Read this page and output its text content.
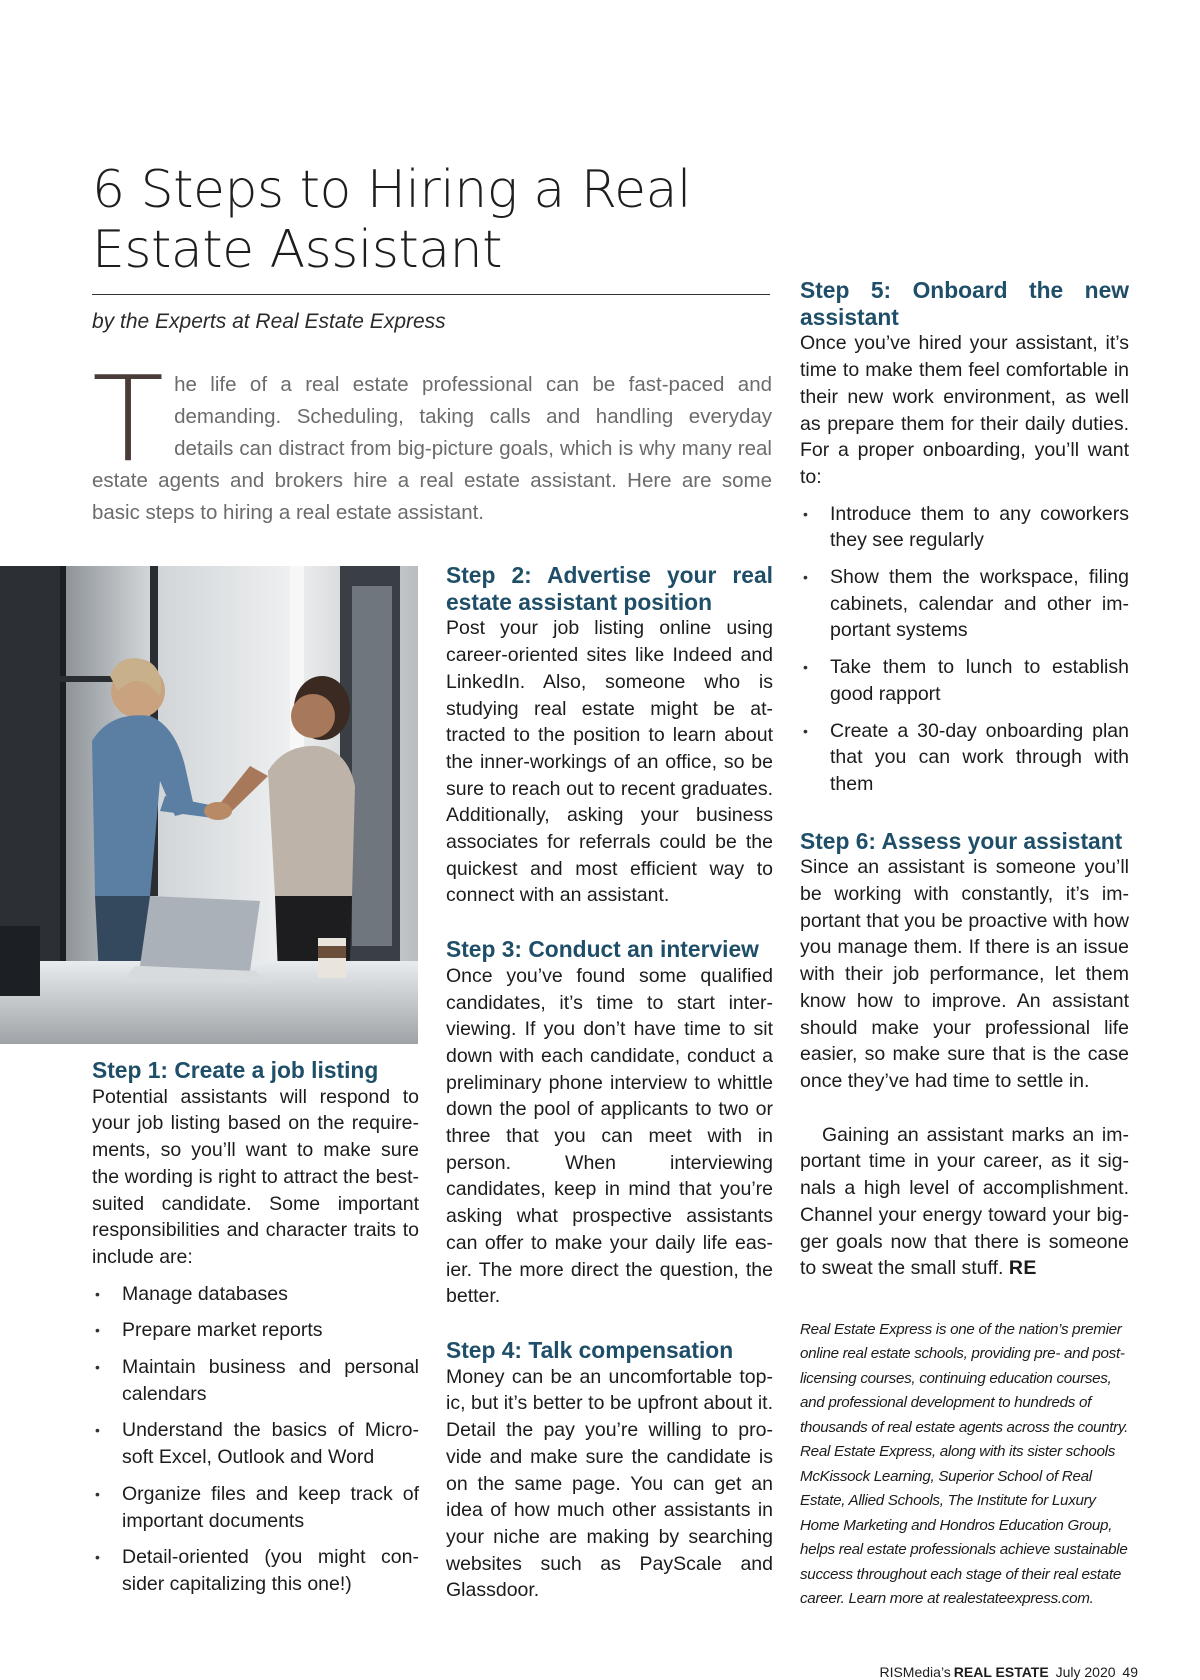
6 Steps to Hiring a Real
Estate Assistant
by the Experts at Real Estate Express

The life of a real estate professional can be fast-paced and demanding. Scheduling, taking calls and handling everyday details can distract from big-picture goals, which is why many real estate agents and brokers hire a real estate assistant. Here are some basic steps to hiring a real estate assistant.

Step 1: Create a job listing

Potential assistants will respond to your job listing based on the requirements, so you’ll want to make sure the wording is right to attract the best-suited candidate. Some important responsibilities and character traits to include are:

• Manage databases
• Prepare market reports
• Maintain business and personal calendars
• Understand the basics of Microsoft Excel, Outlook and Word
• Organize files and keep track of important documents
• Detail-oriented (you might consider capitalizing this one!)
Step 2: Advertise your real estate assistant position

Post your job listing online using career-oriented sites like Indeed and LinkedIn. Also, someone who is studying real estate might be attracted to the position to learn about the inner-workings of an office, so be sure to reach out to recent graduates. Additionally, asking your business associates for referrals could be the quickest and most efficient way to connect with an assistant.

Step 3: Conduct an interview

Once you’ve found some qualified candidates, it’s time to start interviewing. If you don’t have time to sit down with each candidate, conduct a preliminary phone interview to whittle down the pool of applicants to two or three that you can meet with in person. When interviewing candidates, keep in mind that you’re asking what prospective assistants can offer to make your daily life easier. The more direct the question, the better.

Step 4: Talk compensation

Money can be an uncomfortable topic, but it’s better to be upfront about it. Detail the pay you’re willing to provide and make sure the candidate is on the same page. You can get an idea of how much other assistants in your niche are making by searching websites such as PayScale and Glassdoor.

Step 5: Onboard the new assistant

Once you’ve hired your assistant, it’s time to make them feel comfortable in their new work environment, as well as prepare them for their daily duties. For a proper onboarding, you’ll want to:

• Introduce them to any coworkers they see regularly
• Show them the workspace, filing cabinets, calendar and other important systems
• Take them to lunch to establish good rapport
• Create a 30-day onboarding plan that you can work through with them
Step 6: Assess your assistant

Since an assistant is someone you’ll be working with constantly, it’s important that you be proactive with how you manage them. If there is an issue with their job performance, let them know how to improve. An assistant should make your professional life easier, so make sure that is the case once they’ve had time to settle in.

Gaining an assistant marks an important time in your career, as it signals a high level of accomplishment. Channel your energy toward your bigger goals now that there is someone to sweat the small stuff. RE

Real Estate Express is one of the nation’s premier online real estate schools, providing pre- and post-licensing courses, continuing education courses, and professional development to hundreds of thousands of real estate agents across the country. Real Estate Express, along with its sister schools McKissock Learning, Superior School of Real Estate, Allied Schools, The Institute for Luxury Home Marketing and Hondros Education Group, helps real estate professionals achieve sustainable success throughout each stage of their real estate career. Learn more at realestateexpress.com.

RISMedia’s REAL ESTATE July 2020 49
